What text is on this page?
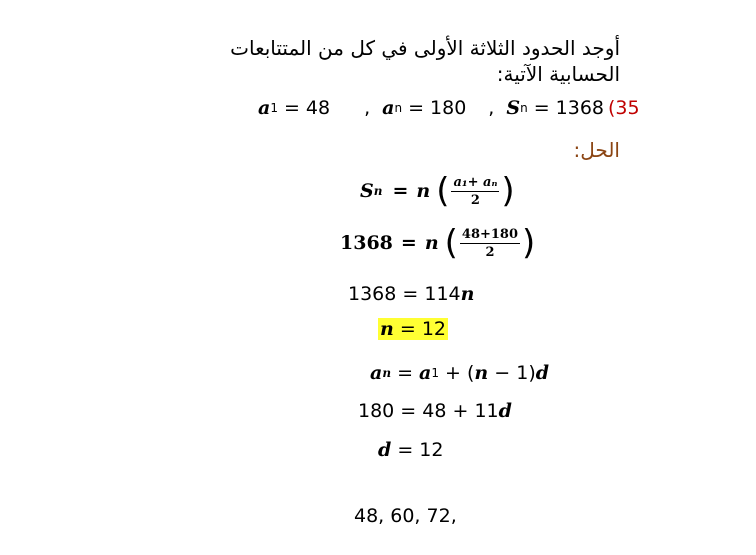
أوجد الحدود الثلاثة الأولى في كل من المتتابعات
الحسابية الآتية:
a 1 = 48 , a n = 180 , S n = 1368 (35
الحل:
S n = n ( $\frac{\text{a₁+ aₙ}}{2}$ )
1368 = n ( $\frac{48+180}{2}$ )
1368 = 114 n
n = 12
a n = a 1 + ( n − 1) d
180 = 48 + 11 d
d = 12
48, 60, 72,
